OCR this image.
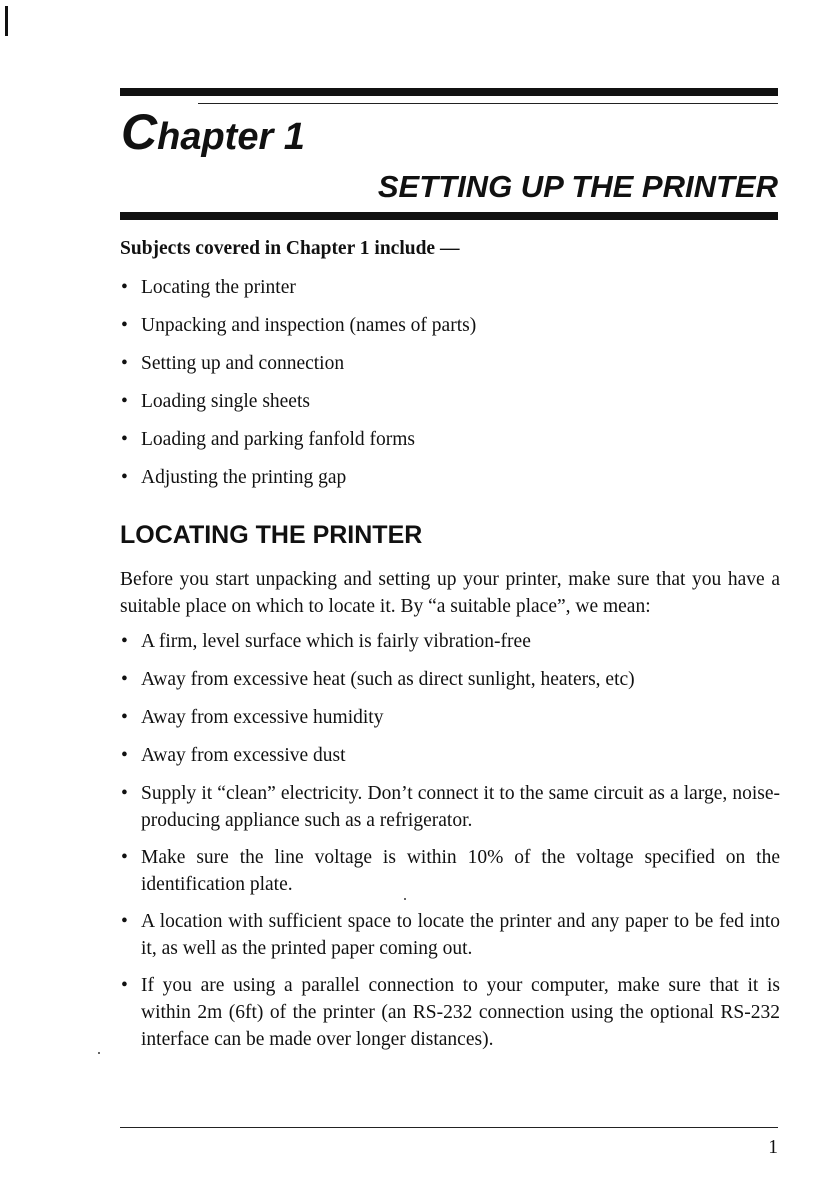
Chapter 1
SETTING UP THE PRINTER

Subjects covered in Chapter 1 include —

• Locating the printer
• Unpacking and inspection (names of parts)
• Setting up and connection
• Loading single sheets
• Loading and parking fanfold forms
• Adjusting the printing gap
LOCATING THE PRINTER

Before you start unpacking and setting up your printer, make sure that you have a suitable place on which to locate it. By “a suitable place”, we mean:

• A firm, level surface which is fairly vibration-free
• Away from excessive heat (such as direct sunlight, heaters, etc)
• Away from excessive humidity
• Away from excessive dust
• Supply it “clean” electricity. Don’t connect it to the same circuit as a large, noise-producing appliance such as a refrigerator.
• Make sure the line voltage is within 10% of the voltage specified on the identification plate.
• A location with sufficient space to locate the printer and any paper to be fed into it, as well as the printed paper coming out.
• If you are using a parallel connection to your computer, make sure that it is within 2m (6ft) of the printer (an RS-232 connection using the optional RS-232 interface can be made over longer distances).

1
